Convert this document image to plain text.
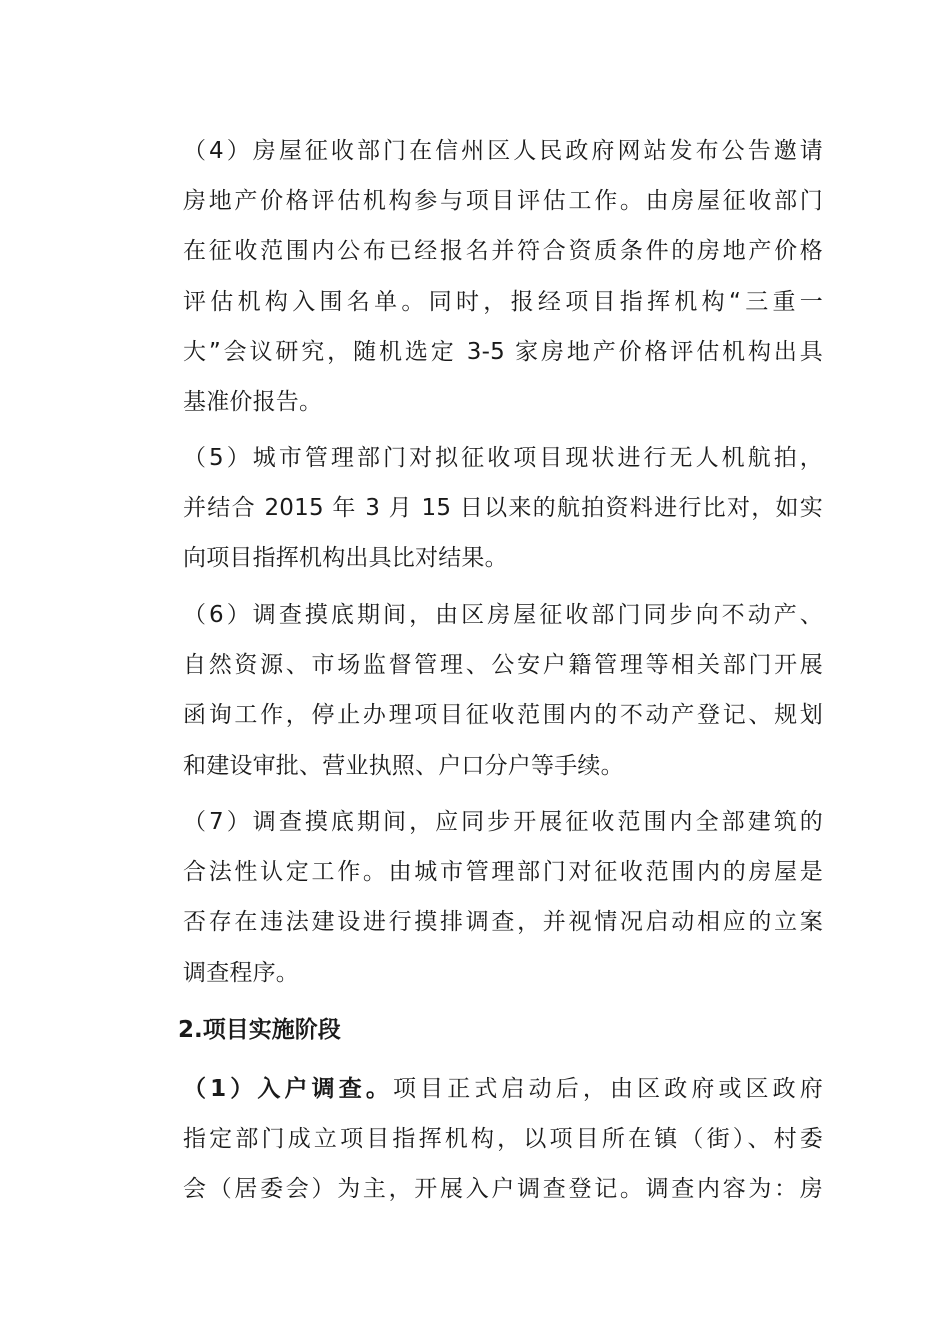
（4）房屋征收部门在信州区人民政府网站发布公告邀请
房地产价格评估机构参与项目评估工作。由房屋征收部门
在征收范围内公布已经报名并符合资质条件的房地产价格
评估机构入围名单。同时，报经项目指挥机构“三重一
大”会议研究，随机选定 3-5 家房地产价格评估机构出具
基准价报告。

（5）城市管理部门对拟征收项目现状进行无人机航拍，
并结合 2015 年 3 月 15 日以来的航拍资料进行比对，如实
向项目指挥机构出具比对结果。

（6）调查摸底期间，由区房屋征收部门同步向不动产、
自然资源、市场监督管理、公安户籍管理等相关部门开展
函询工作，停止办理项目征收范围内的不动产登记、规划
和建设审批、营业执照、户口分户等手续。

（7）调查摸底期间，应同步开展征收范围内全部建筑的
合法性认定工作。由城市管理部门对征收范围内的房屋是
否存在违法建设进行摸排调查，并视情况启动相应的立案
调查程序。

2.项目实施阶段

（1）入户调查。项目正式启动后，由区政府或区政府
指定部门成立项目指挥机构，以项目所在镇（街）、村委
会（居委会）为主，开展入户调查登记。调查内容为：房
